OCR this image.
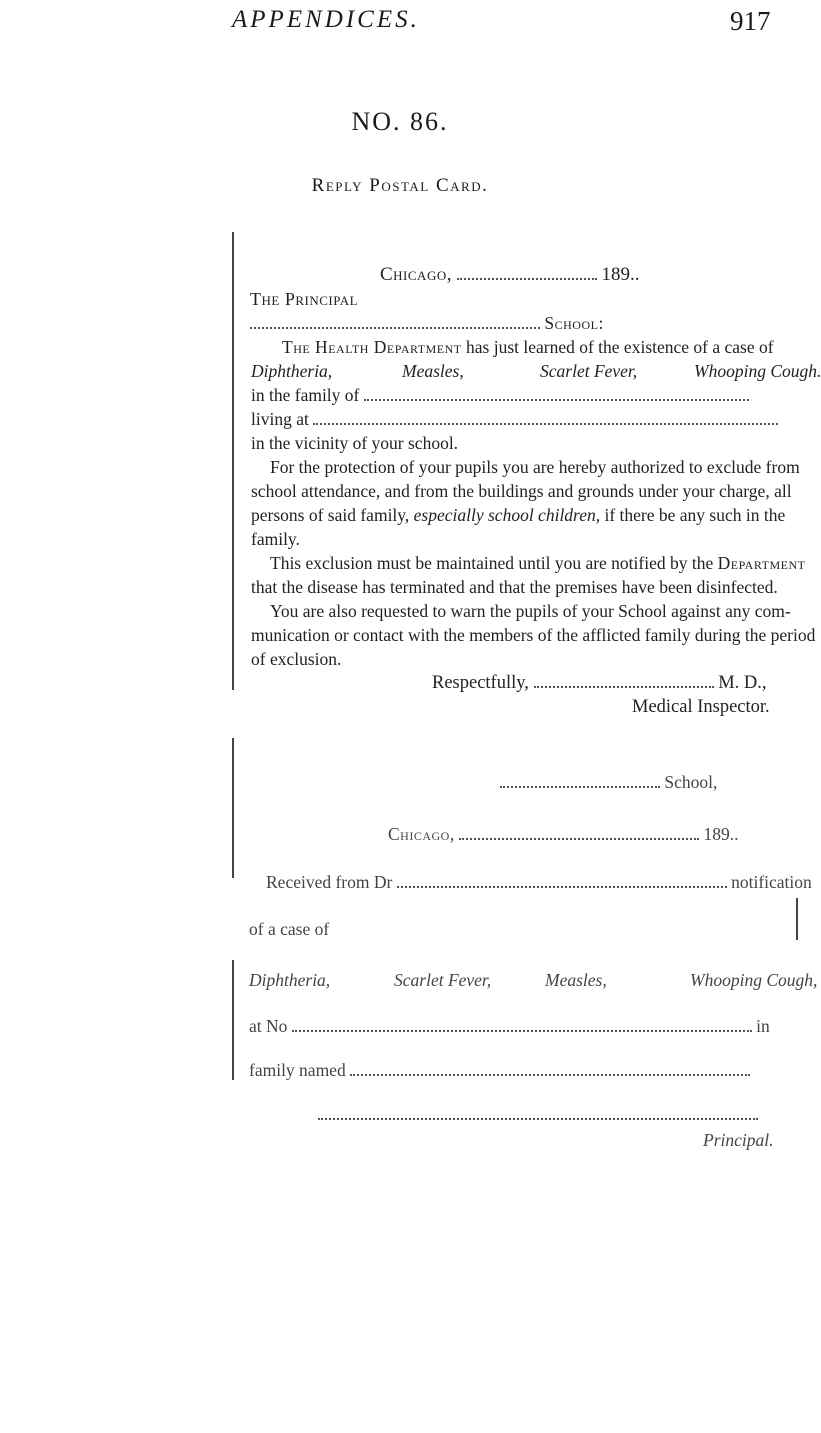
APPENDICES.	917
NO. 86.
Reply Postal Card.
Chicago,	189..
The Principal
School:
The Health Department has just learned of the existence of a case of
Diphtheria,	Measles,	Scarlet Fever,	Whooping Cough.
in the family of
living at
in the vicinity of your school.
For the protection of your pupils you are hereby authorized to exclude from
school attendance, and from the buildings and grounds under your charge, all
persons of said family, especially school children, if there be any such in the
family.
This exclusion must be maintained until you are notified by the Department
that the disease has terminated and that the premises have been disinfected.
You are also requested to warn the pupils of your School against any com-
munication or contact with the members of the afflicted family during the period
of exclusion.
Respectfully,	M. D.,
Medical Inspector.
School,
Chicago,	189..
Received from Dr	notification
of a case of
Diphtheria,	Scarlet Fever,	Measles,	Whooping Cough,
at No	in
family named
Principal.
